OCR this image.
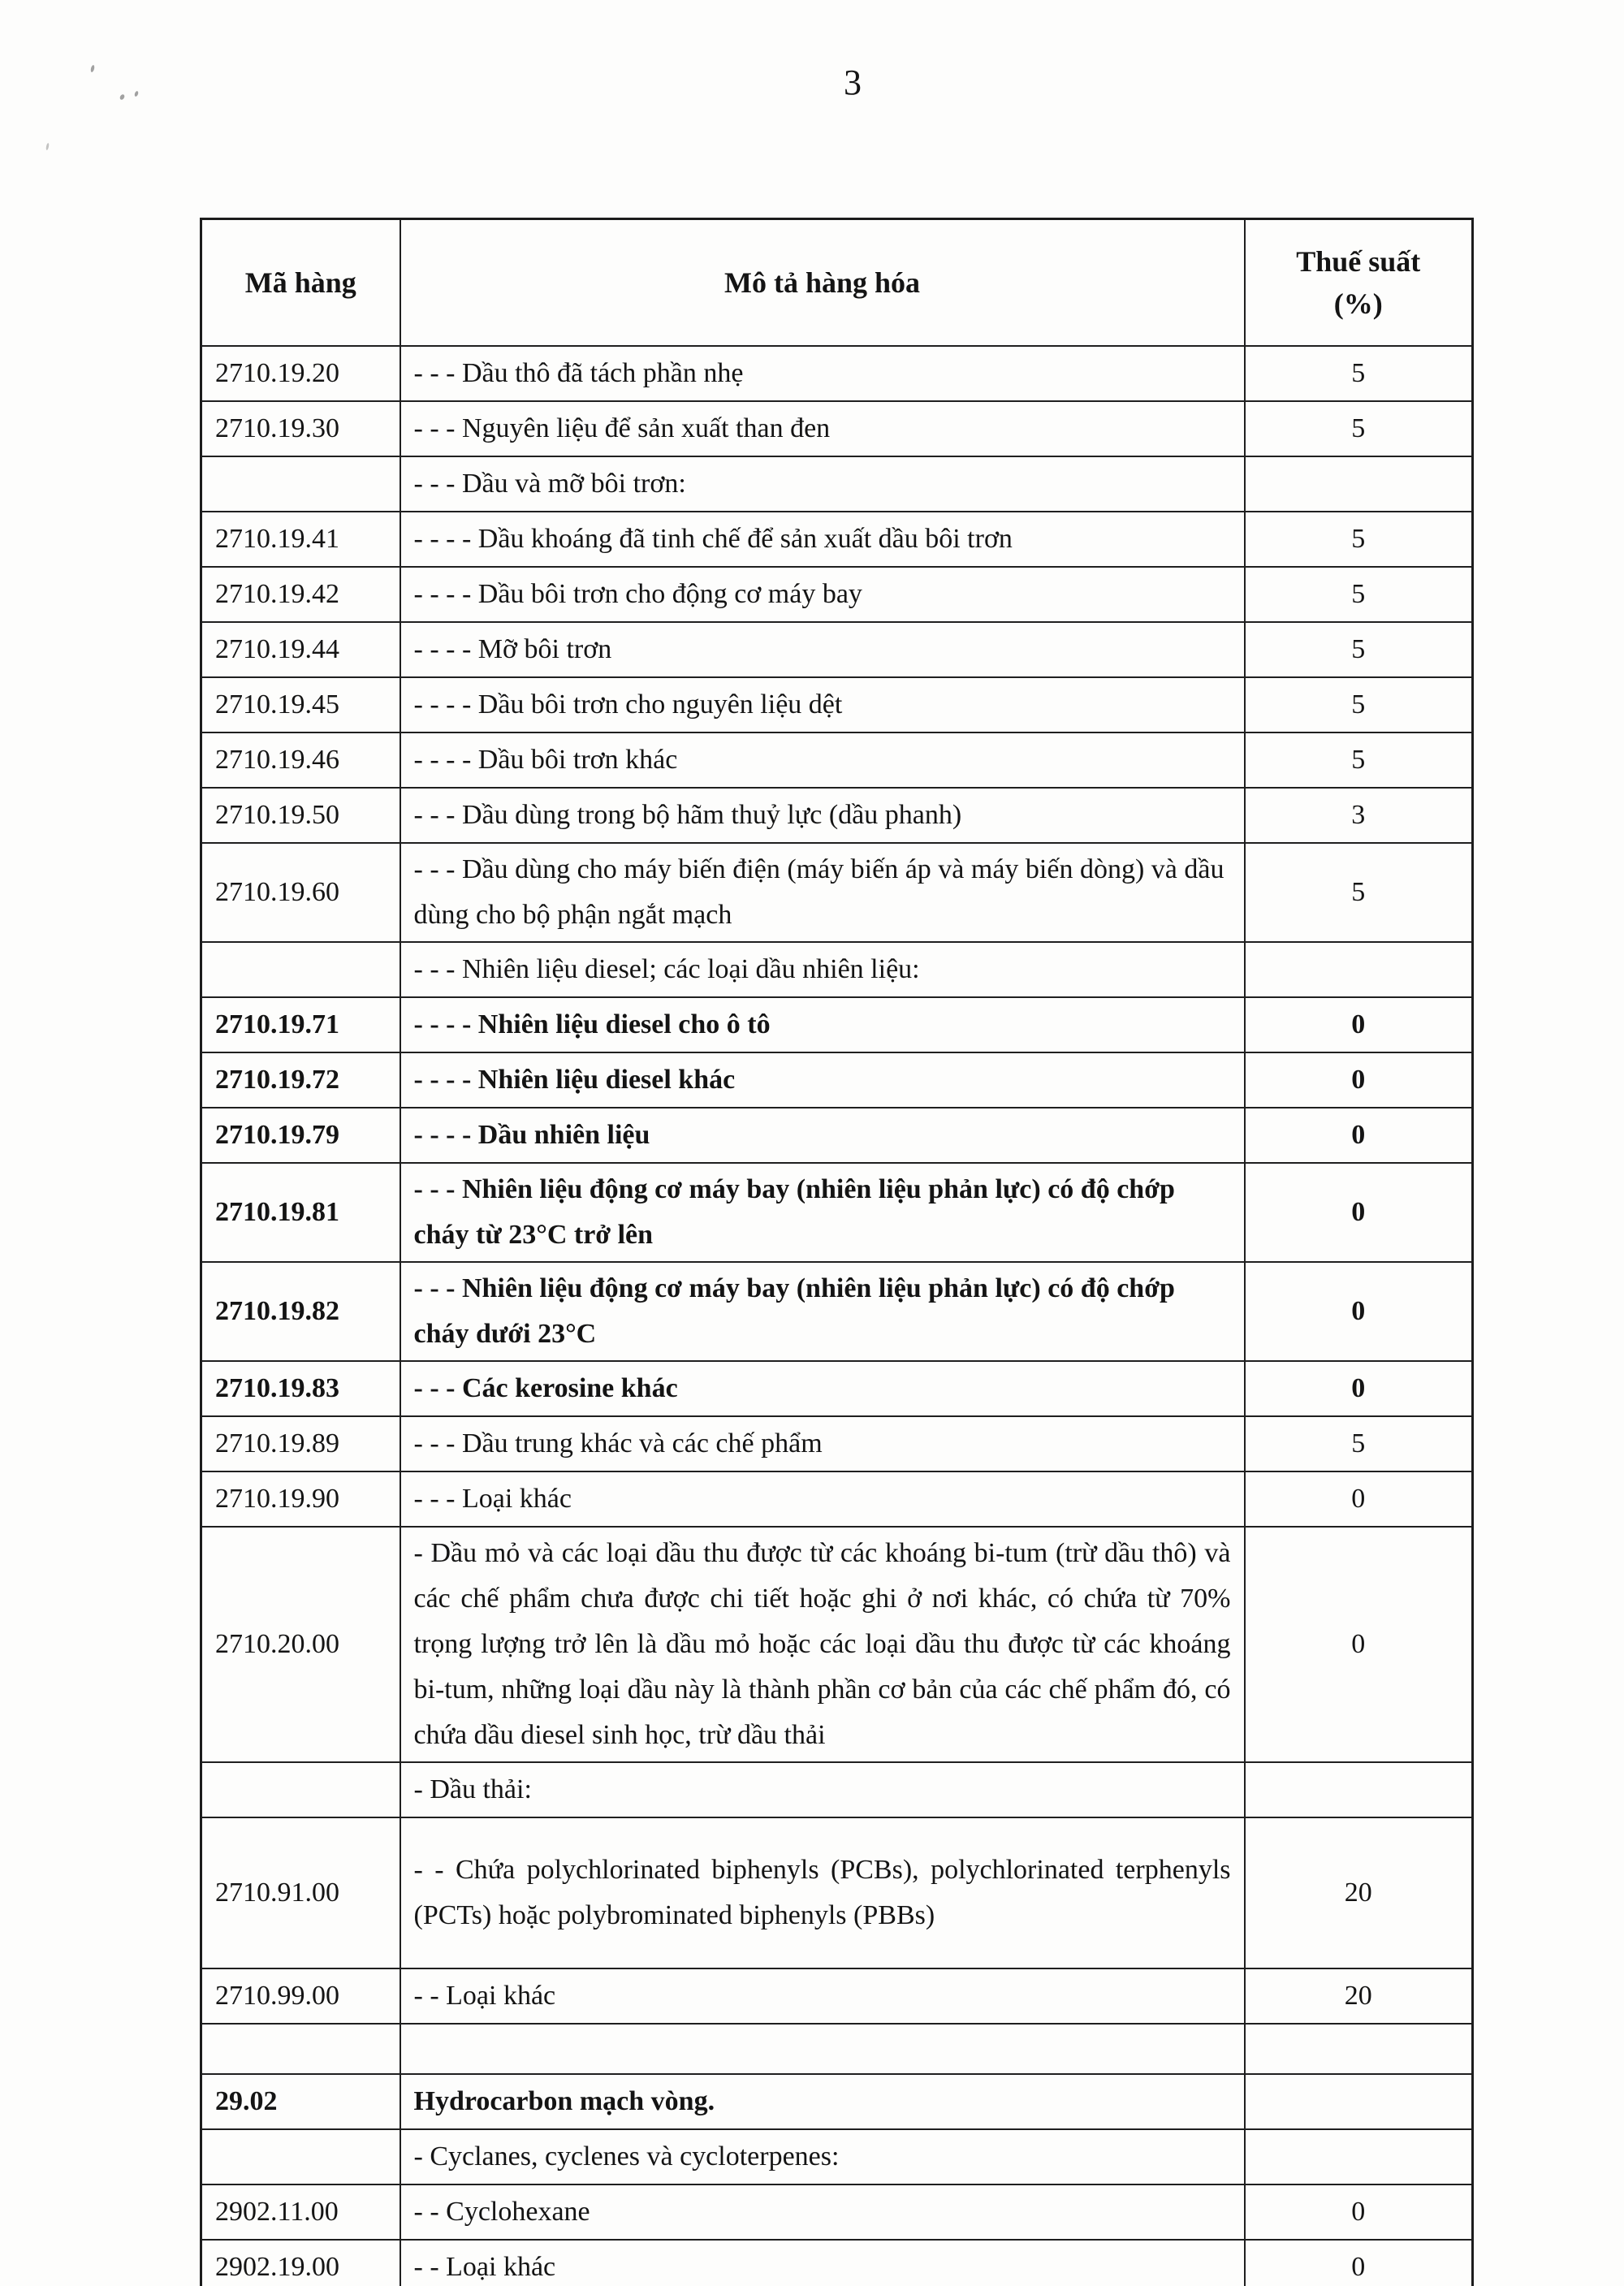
3
Mã hàng	Mô tả hàng hóa	Thuế suất
(%)

2710.19.20	- - - Dầu thô đã tách phần nhẹ	5
2710.19.30	- - - Nguyên liệu để sản xuất than đen	5
	- - - Dầu và mỡ bôi trơn:	
2710.19.41	- - - - Dầu khoáng đã tinh chế để sản xuất dầu bôi trơn	5
2710.19.42	- - - - Dầu bôi trơn cho động cơ máy bay	5
2710.19.44	- - - - Mỡ bôi trơn	5
2710.19.45	- - - - Dầu bôi trơn cho nguyên liệu dệt	5
2710.19.46	- - - - Dầu bôi trơn khác	5
2710.19.50	- - - Dầu dùng trong bộ hãm thuỷ lực (dầu phanh)	3
2710.19.60	- - - Dầu dùng cho máy biến điện (máy biến áp và máy biến dòng) và dầu dùng cho bộ phận ngắt mạch	5
	- - - Nhiên liệu diesel; các loại dầu nhiên liệu:	
2710.19.71	- - - - Nhiên liệu diesel cho ô tô	0
2710.19.72	- - - - Nhiên liệu diesel khác	0
2710.19.79	- - - - Dầu nhiên liệu	0
2710.19.81	- - - Nhiên liệu động cơ máy bay (nhiên liệu phản lực) có độ chớp cháy từ 23°C trở lên	0
2710.19.82	- - - Nhiên liệu động cơ máy bay (nhiên liệu phản lực) có độ chớp cháy dưới 23°C	0
2710.19.83	- - - Các kerosine khác	0
2710.19.89	- - - Dầu trung khác và các chế phẩm	5
2710.19.90	- - - Loại khác	0
2710.20.00	- Dầu mỏ và các loại dầu thu được từ các khoáng bi-tum (trừ dầu thô) và các chế phẩm chưa được chi tiết hoặc ghi ở nơi khác, có chứa từ 70% trọng lượng trở lên là dầu mỏ hoặc các loại dầu thu được từ các khoáng bi-tum, những loại dầu này là thành phần cơ bản của các chế phẩm đó, có chứa dầu diesel sinh học, trừ dầu thải	0
	- Dầu thải:	
2710.91.00	- - Chứa polychlorinated biphenyls (PCBs), polychlorinated terphenyls (PCTs) hoặc polybrominated biphenyls (PBBs)	20
2710.99.00	- - Loại khác	20

29.02	Hydrocarbon mạch vòng.	
	- Cyclanes, cyclenes và cycloterpenes:	
2902.11.00	- - Cyclohexane	0
2902.19.00	- - Loại khác	0
